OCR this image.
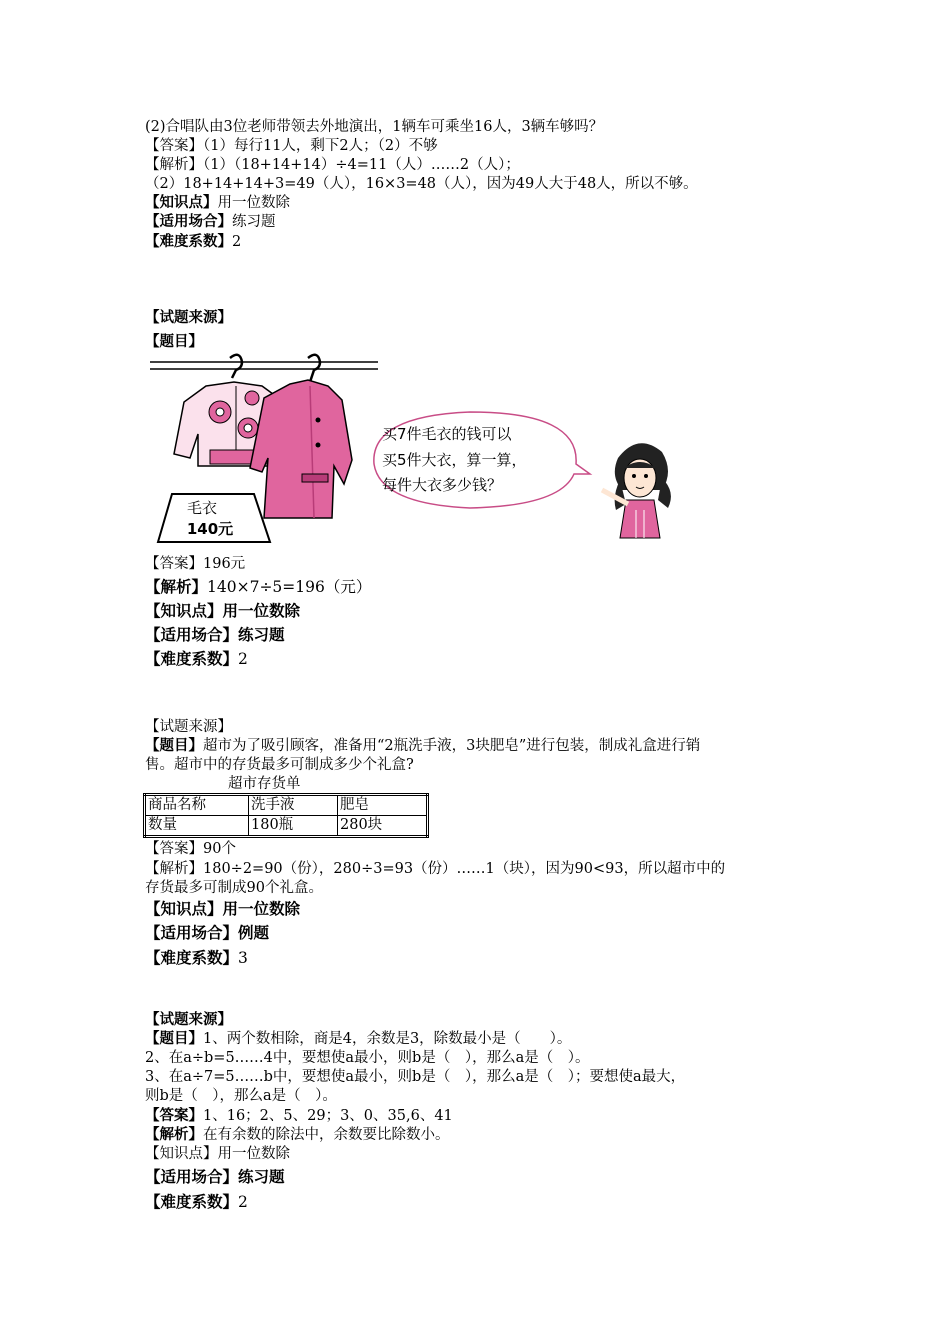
(2)合唱队由3位老师带领去外地演出，1辆车可乘坐16人，3辆车够吗？
【答案】（1）每行11人，剩下2人；（2）不够
【解析】（1）（18+14+14）÷4=11（人）……2（人）；
（2）18+14+14+3=49（人），16×3=48（人），因为49人大于48人，所以不够。
【知识点】用一位数除
【适用场合】练习题
【难度系数】2
【试题来源】
【题目】
毛衣
140元
买7件毛衣的钱可以
买5件大衣，算一算，
每件大衣多少钱？
【答案】196元
【解析】140×7÷5=196（元）
【知识点】用一位数除
【适用场合】练习题
【难度系数】2
【试题来源】
【题目】超市为了吸引顾客，准备用“2瓶洗手液，3块肥皂”进行包装，制成礼盒进行销
售。超市中的存货最多可制成多少个礼盒?
超市存货单
商品名称	洗手液	肥皂
数量	180瓶	280块
【答案】90个
【解析】180÷2=90（份），280÷3=93（份）……1（块），因为90<93，所以超市中的
存货最多可制成90个礼盒。
【知识点】用一位数除
【适用场合】例题
【难度系数】3
【试题来源】
【题目】1、两个数相除，商是4，余数是3，除数最小是（　　）。
2、在a÷b=5……4中，要想使a最小，则b是（　），那么a是（　）。
3、在a÷7=5……b中，要想使a最小，则b是（　），那么a是（　）；要想使a最大，
则b是（　），那么a是（　）。
【答案】1、16；2、5、29；3、0、35,6、41
【解析】在有余数的除法中，余数要比除数小。
【知识点】用一位数除
【适用场合】练习题
【难度系数】2
